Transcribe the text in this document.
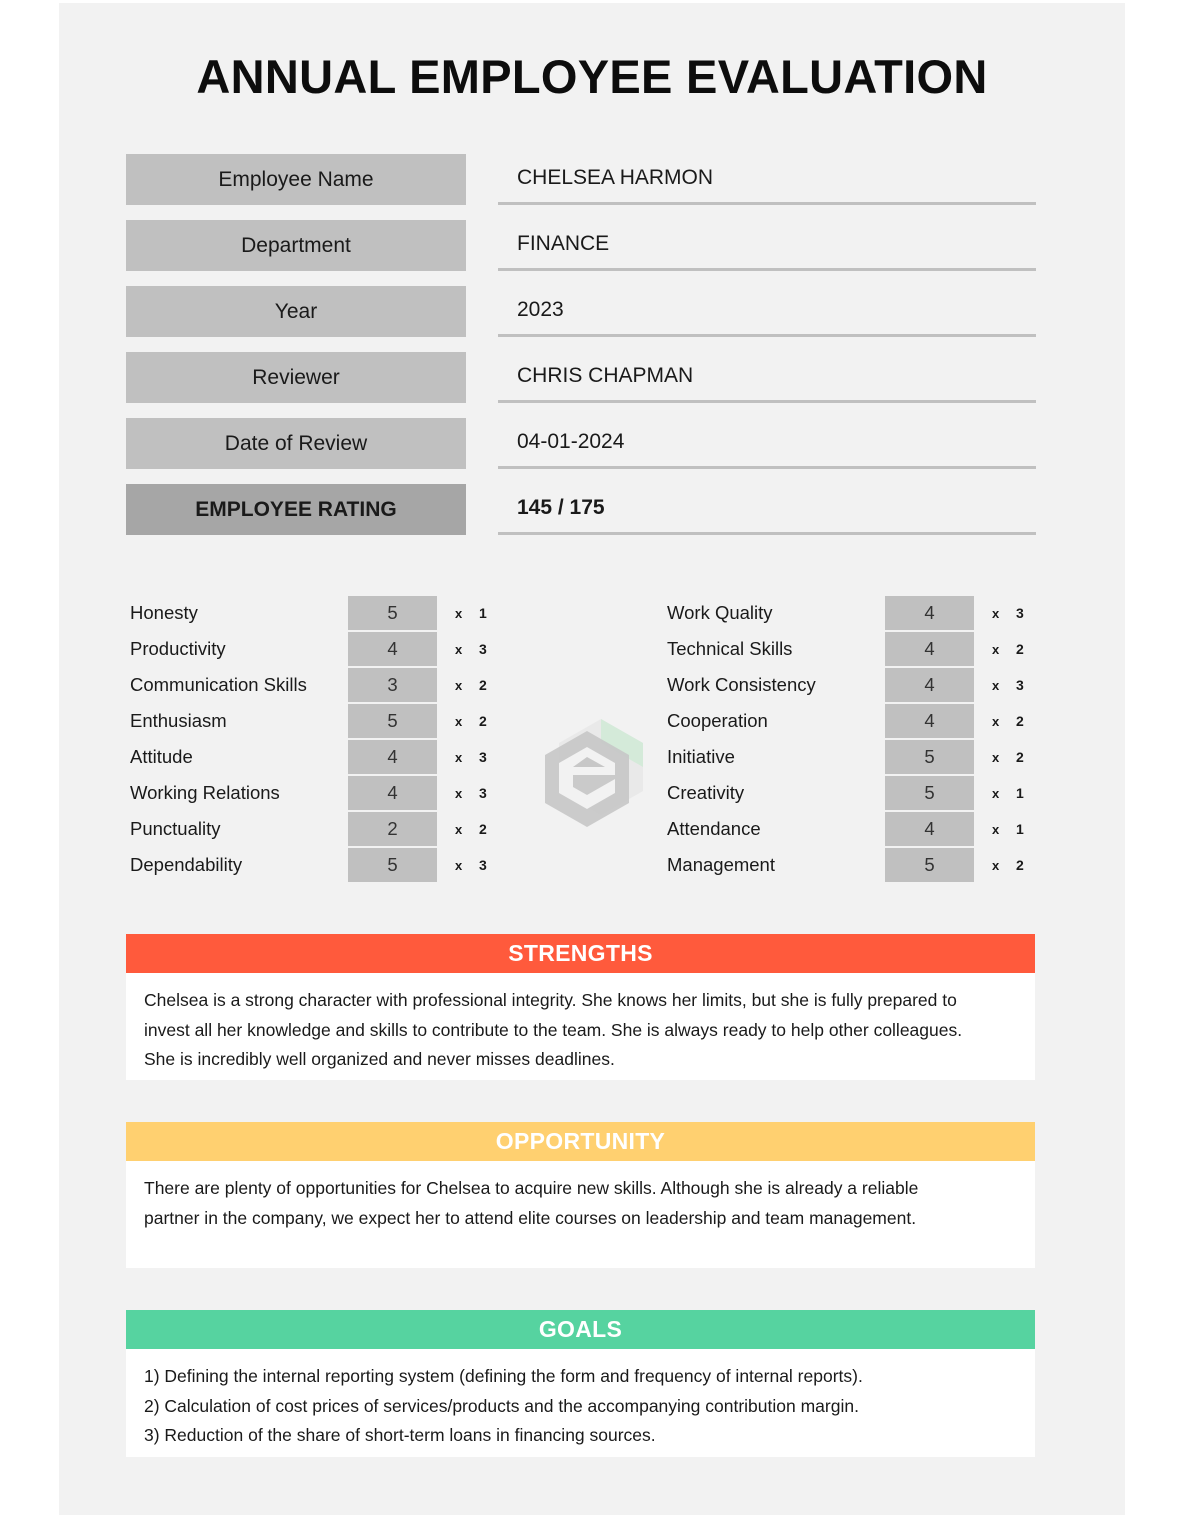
ANNUAL EMPLOYEE EVALUATION
Employee Name	CHELSEA HARMON
Department	FINANCE
Year	2023
Reviewer	CHRIS CHAPMAN
Date of Review	04-01-2024
EMPLOYEE RATING	145 / 175
Honesty	5	x 1
Productivity	4	x 3
Communication Skills	3	x 2
Enthusiasm	5	x 2
Attitude	4	x 3
Working Relations	4	x 3
Punctuality	2	x 2
Dependability	5	x 3
Work Quality	4	x 3
Technical Skills	4	x 2
Work Consistency	4	x 3
Cooperation	4	x 2
Initiative	5	x 2
Creativity	5	x 1
Attendance	4	x 1
Management	5	x 2
STRENGTHS

Chelsea is a strong character with professional integrity. She knows her limits, but she is fully prepared to

invest all her knowledge and skills to contribute to the team. She is always ready to help other colleagues.

She is incredibly well organized and never misses deadlines.

OPPORTUNITY

There are plenty of opportunities for Chelsea to acquire new skills. Although she is already a reliable

partner in the company, we expect her to attend elite courses on leadership and team management.

GOALS

1) Defining the internal reporting system (defining the form and frequency of internal reports).

2) Calculation of cost prices of services/products and the accompanying contribution margin.

3) Reduction of the share of short-term loans in financing sources.
